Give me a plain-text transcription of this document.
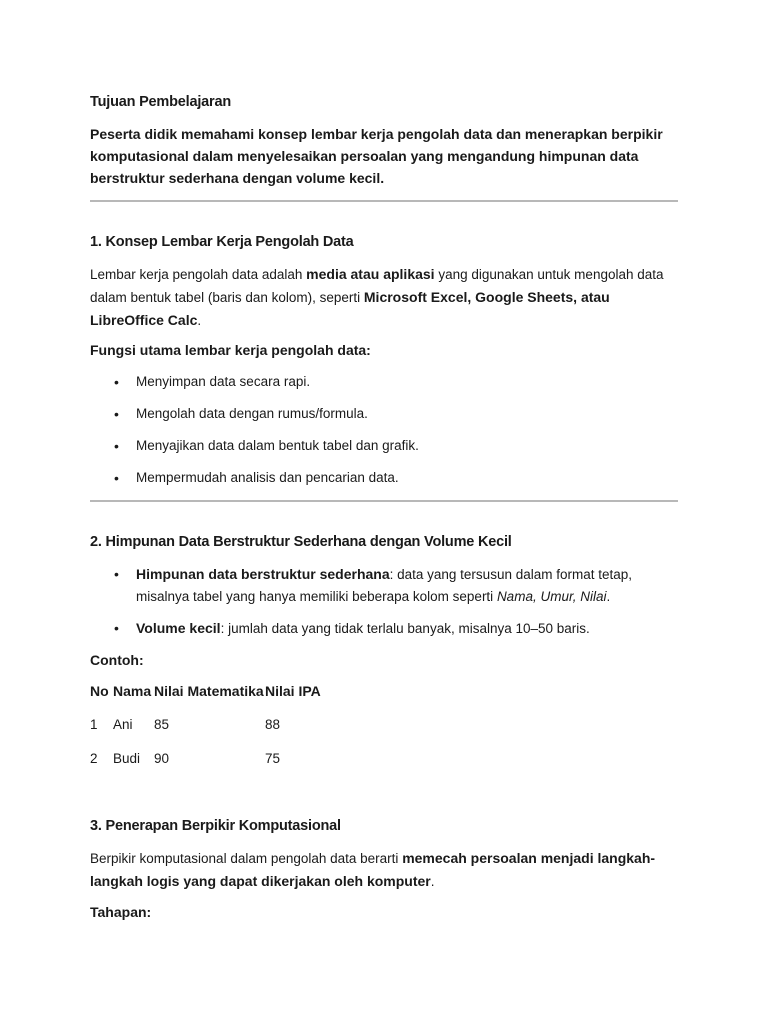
Tujuan Pembelajaran
Peserta didik memahami konsep lembar kerja pengolah data dan menerapkan berpikir komputasional dalam menyelesaikan persoalan yang mengandung himpunan data berstruktur sederhana dengan volume kecil.
1. Konsep Lembar Kerja Pengolah Data
Lembar kerja pengolah data adalah media atau aplikasi yang digunakan untuk mengolah data dalam bentuk tabel (baris dan kolom), seperti Microsoft Excel, Google Sheets, atau LibreOffice Calc.
Fungsi utama lembar kerja pengolah data:
• Menyimpan data secara rapi.
• Mengolah data dengan rumus/formula.
• Menyajikan data dalam bentuk tabel dan grafik.
• Mempermudah analisis dan pencarian data.
2. Himpunan Data Berstruktur Sederhana dengan Volume Kecil
• Himpunan data berstruktur sederhana: data yang tersusun dalam format tetap, misalnya tabel yang hanya memiliki beberapa kolom seperti Nama, Umur, Nilai.
• Volume kecil: jumlah data yang tidak terlalu banyak, misalnya 10–50 baris.
Contoh:
No	Nama	Nilai Matematika	Nilai IPA
1	Ani	85	88
2	Budi	90	75
3. Penerapan Berpikir Komputasional
Berpikir komputasional dalam pengolah data berarti memecah persoalan menjadi langkah-langkah logis yang dapat dikerjakan oleh komputer.
Tahapan:
